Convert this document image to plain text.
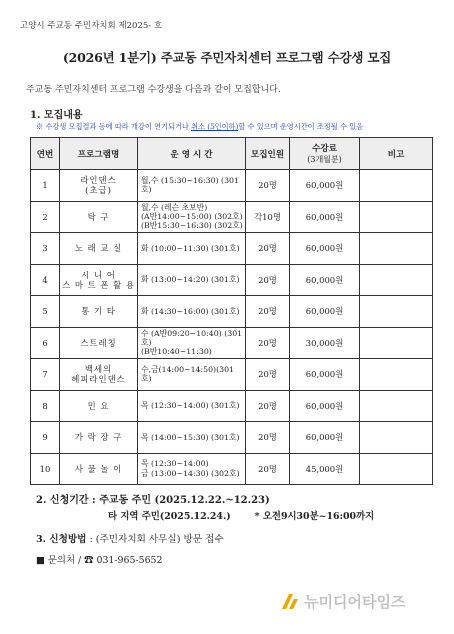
고양시 주교동 주민자치회 제2025- 호
(2026년 1분기) 주교동 주민자치센터 프로그램 수강생 모집
주교동 주민자치센터 프로그램 수강생을 다음과 같이 모집합니다.
1. 모집내용
※ 수강생 모집결과 등에 따라 개강이 연기되거나 취소 (5인이하)할 수 있으며 운영시간이 조정될 수 있음
연번	프로그램명	운 영 시 간	모집인원	수강료
(3개월분)	비고
1	라인댄스
(초급)	월,수 (15:30~16:30) (301호)	20명	60,000원	
2	탁 구	월,수 (레슨 초보반)
(A반14:00~15:00) (302호)
(B반15:30~16:30) (302호)	각10명	60,000원	
3	노 래 교 실	화 (10:00~11:30) (301호)	20명	60,000원	
4	시 니 어
스 마 트 폰 활 용	화 (13:00~14:20) (301호)	20명	60,000원	
5	통 기 타	화 (14:30~16:00) (301호)	20명	60,000원	
6	스트레칭	수 (A반09:20~10:40) (301호)
(B반10:40~11:30)	20명	30,000원	
7	백세의
헤피라인댄스	수,금(14:00~14:50)(301호)	20명	60,000원	
8	민 요	목 (12:30~14:00) (301호)	20명	60,000원	
9	가 락 장 구	목 (14:00~15:30) (301호)	20명	60,000원	
10	사 물 놀 이	목 (12:30~14:00)
금 (13:00~14:30) (302호)	20명	45,000원	
2. 신청기간 : 주교동 주민 (2025.12.22.~12.23)
타 지역 주민(2025.12.24.)	* 오전9시30분~16:00까지
3. 신청방법 : (주민자치회 사무실) 방문 접수
■ 문의처 / ☎ 031-965-5652
뉴미디어타임즈
